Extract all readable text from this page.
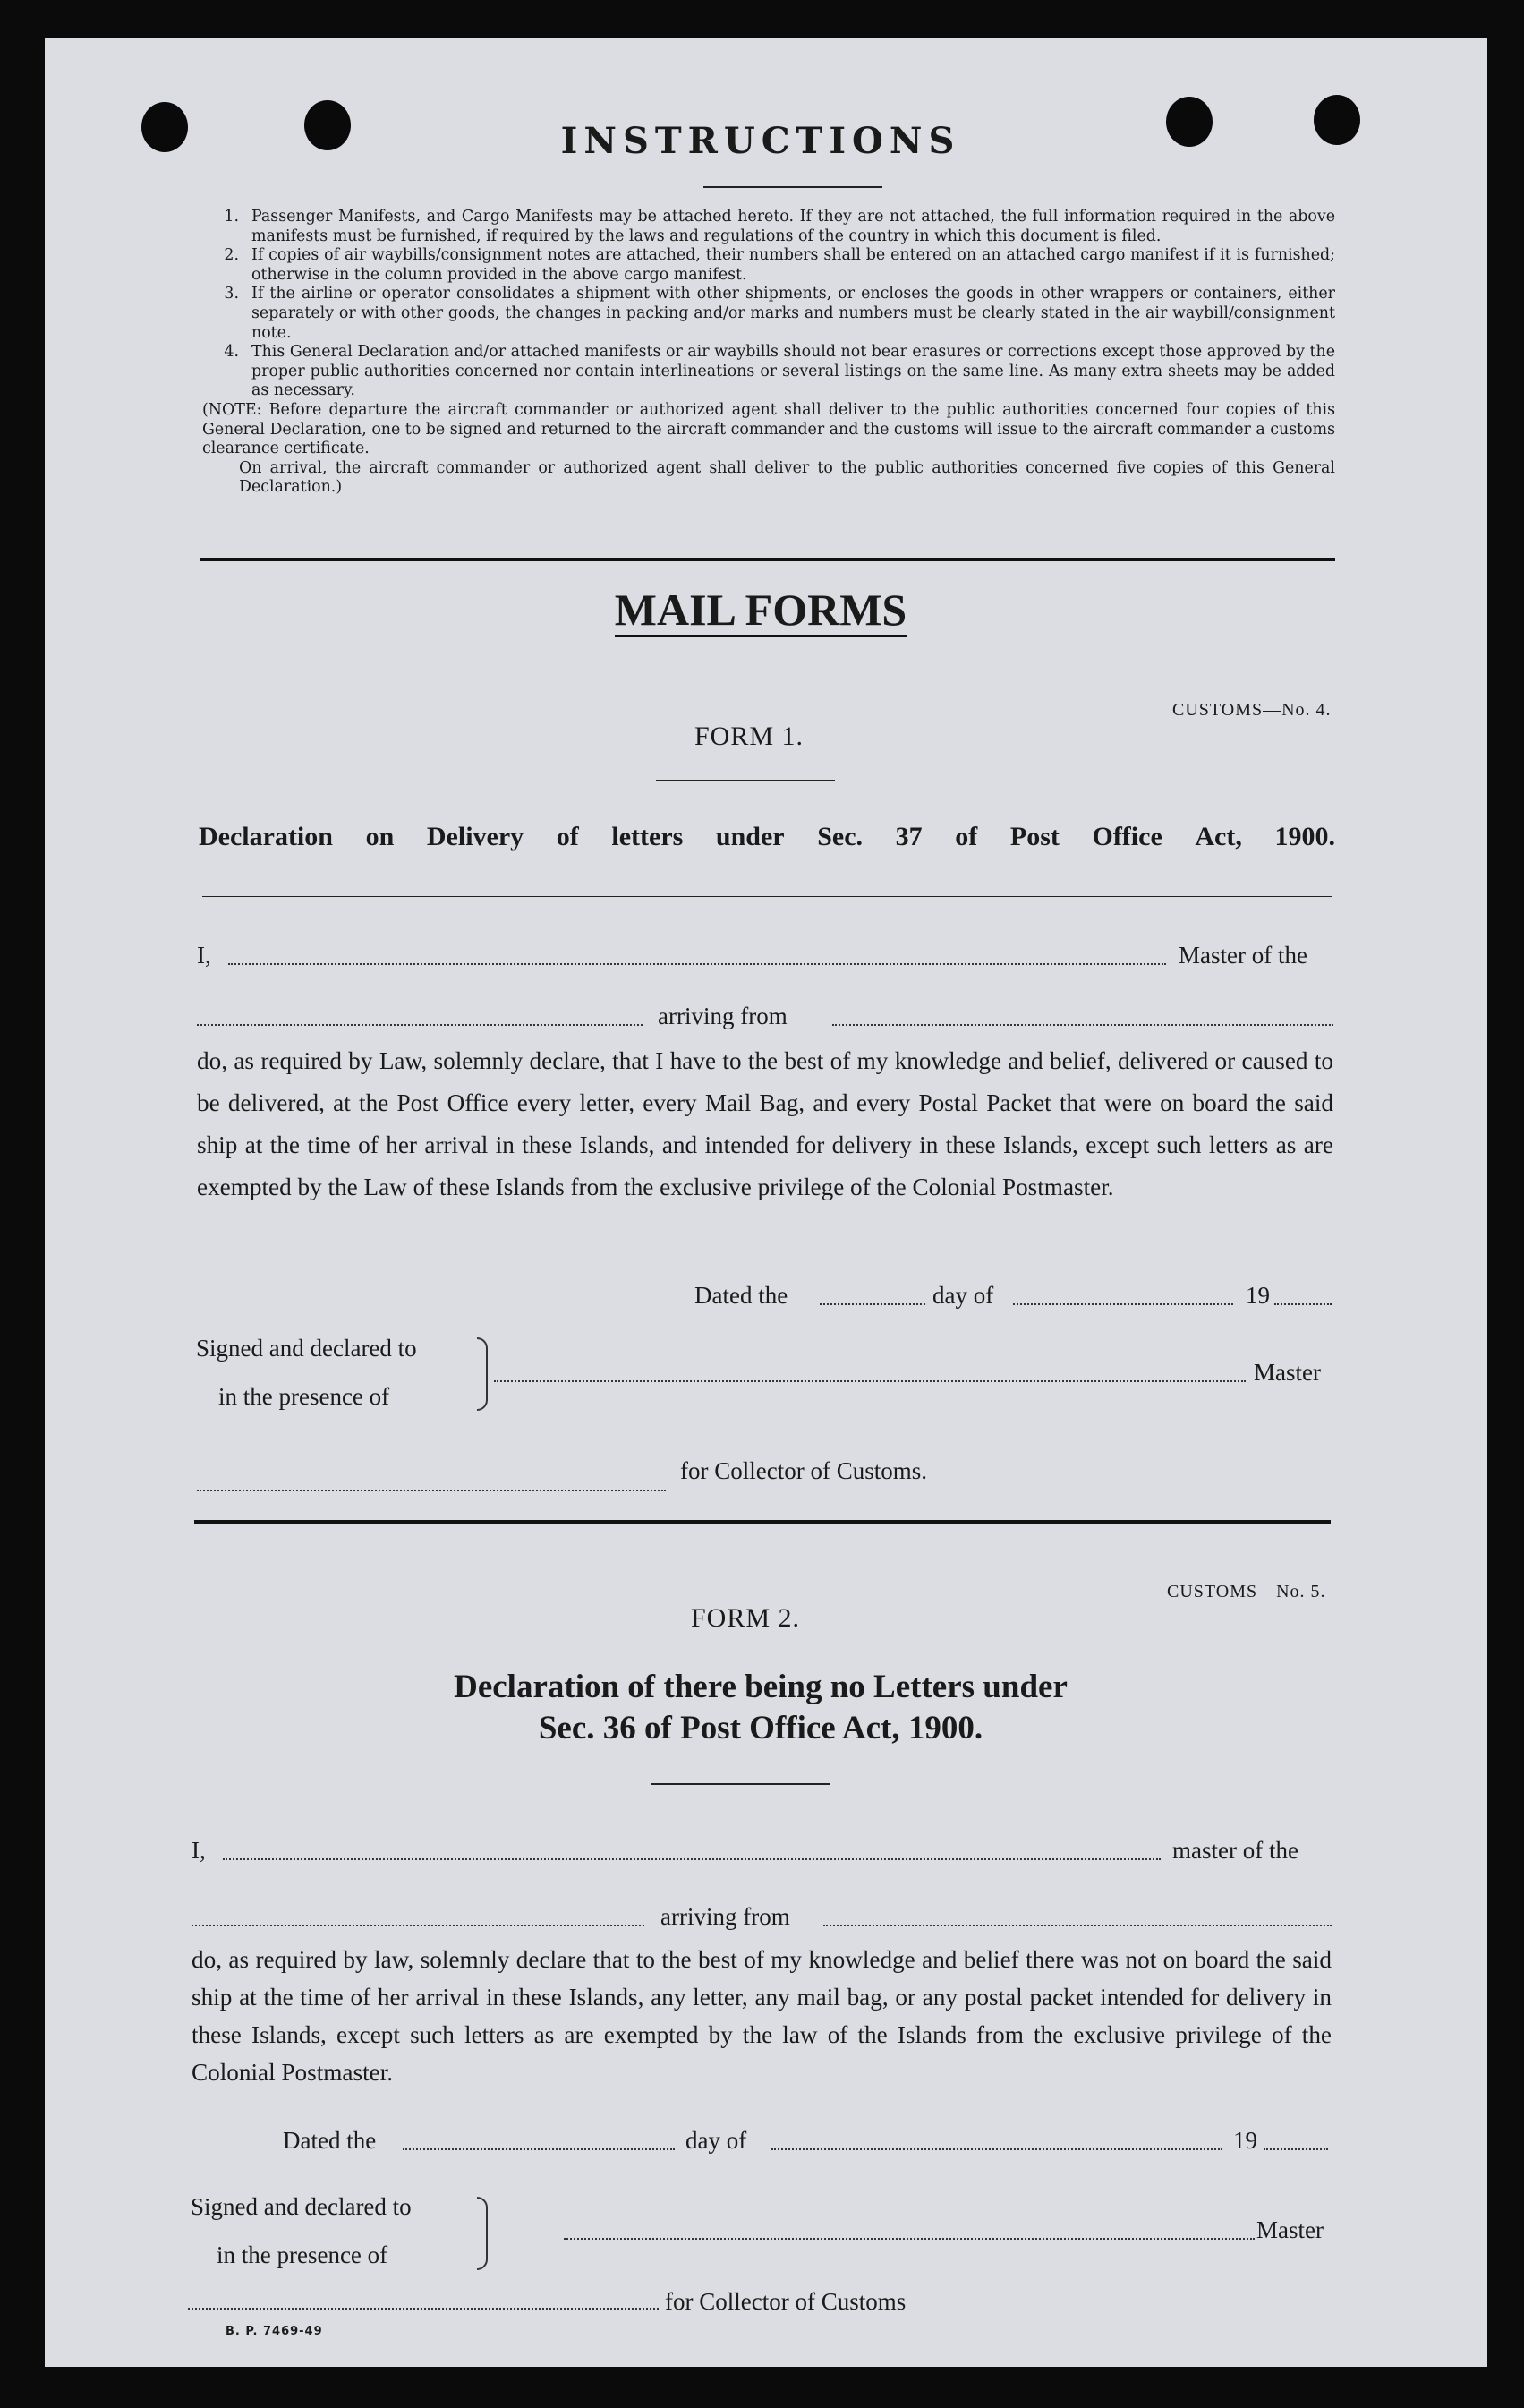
INSTRUCTIONS
1. Passenger Manifests, and Cargo Manifests may be attached hereto. If they are not attached, the full information required in the above manifests must be furnished, if required by the laws and regulations of the country in which this document is filed.
2. If copies of air waybills/consignment notes are attached, their numbers shall be entered on an attached cargo manifest if it is furnished; otherwise in the column provided in the above cargo manifest.
3. If the airline or operator consolidates a shipment with other shipments, or encloses the goods in other wrappers or containers, either separately or with other goods, the changes in packing and/or marks and numbers must be clearly stated in the air waybill/consignment note.
4. This General Declaration and/or attached manifests or air waybills should not bear erasures or corrections except those approved by the proper public authorities concerned nor contain interlineations or several listings on the same line. As many extra sheets may be added as necessary.
(NOTE: Before departure the aircraft commander or authorized agent shall deliver to the public authorities concerned four copies of this General Declaration, one to be signed and returned to the aircraft commander and the customs will issue to the aircraft commander a customs clearance certificate.
On arrival, the aircraft commander or authorized agent shall deliver to the public authorities concerned five copies of this General Declaration.)
MAIL FORMS
CUSTOMS—No. 4.
FORM 1.
Declaration on Delivery of letters under Sec. 37 of Post Office Act, 1900.
I,	Master of the
arriving from
do, as required by Law, solemnly declare, that I have to the best of my knowledge and belief, delivered or caused to be delivered, at the Post Office every letter, every Mail Bag, and every Postal Packet that were on board the said ship at the time of her arrival in these Islands, and intended for delivery in these Islands, except such letters as are exempted by the Law of these Islands from the exclusive privilege of the Colonial Postmaster.
Dated the	day of	19
Signed and declared to
in the presence of
Master
for Collector of Customs.
CUSTOMS—No. 5.
FORM 2.
Declaration of there being no Letters under
Sec. 36 of Post Office Act, 1900.
I,	master of the
arriving from
do, as required by law, solemnly declare that to the best of my knowledge and belief there was not on board the said ship at the time of her arrival in these Islands, any letter, any mail bag, or any postal packet intended for delivery in these Islands, except such letters as are exempted by the law of the Islands from the exclusive privilege of the Colonial Postmaster.
Dated the	day of	19
Signed and declared to
in the presence of
Master
for Collector of Customs
B. P. 7469-49
